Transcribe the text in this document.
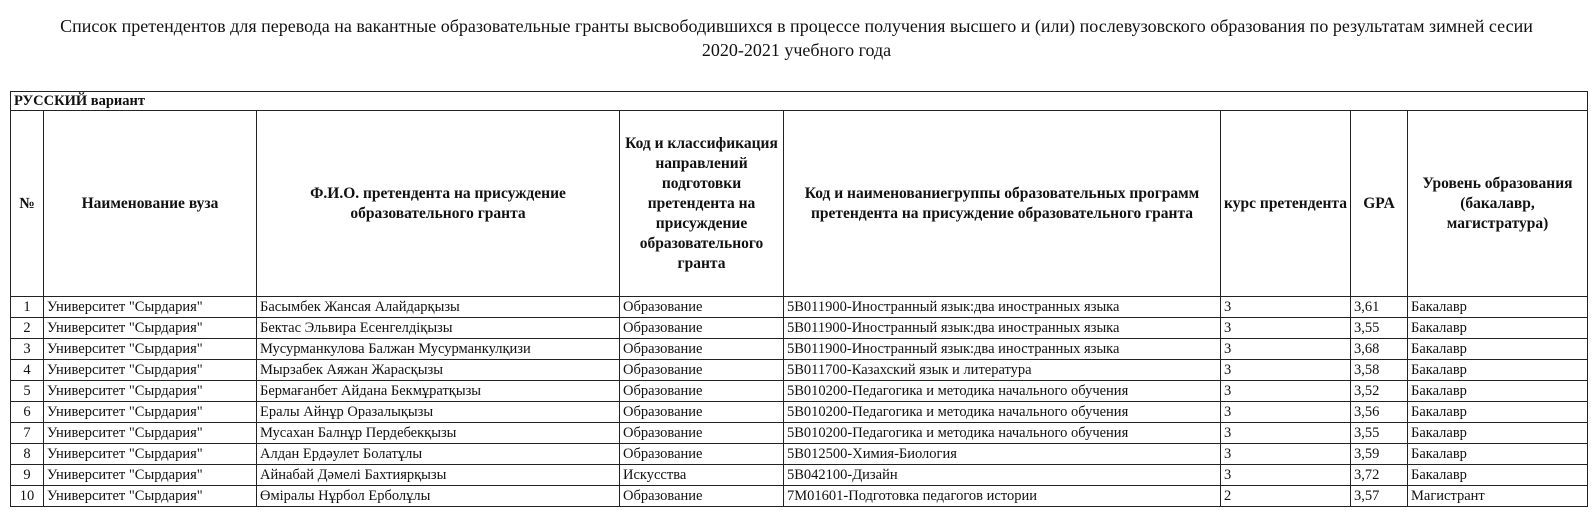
Список претендентов для перевода на вакантные образовательные гранты высвободившихся в процессе получения высшего и (или) послевузовского образования по результатам зимней сесии 2020-2021 учебного года
РУССКИЙ вариант							
№	Наименование вуза	Ф.И.О. претендента на присуждение образовательного гранта	Код и классификация направлений подготовки претендента на присуждение образовательного гранта	Код и наименованиегруппы образовательных программ претендента на присуждение образовательного гранта	курс претендента	GPA	Уровень образования (бакалавр, магистратура)
1	Университет "Сырдария"	Басымбек Жансая Алайдарқызы	Образование	5В011900-Иностранный язык:два иностранных языка	3	3,61	Бакалавр
2	Университет "Сырдария"	Бектас Эльвира Есенгелдіқызы	Образование	5В011900-Иностранный язык:два иностранных языка	3	3,55	Бакалавр
3	Университет "Сырдария"	Мусурманкулова Балжан Мусурманкулқизи	Образование	5В011900-Иностранный язык:два иностранных языка	3	3,68	Бакалавр
4	Университет "Сырдария"	Мырзабек Аяжан Жарасқызы	Образование	5В011700-Казахский язык и литература	3	3,58	Бакалавр
5	Университет "Сырдария"	Бермағанбет Айдана Бекмұратқызы	Образование	5В010200-Педагогика и методика начального обучения	3	3,52	Бакалавр
6	Университет "Сырдария"	Ералы Айнұр Оразалықызы	Образование	5В010200-Педагогика и методика начального обучения	3	3,56	Бакалавр
7	Университет "Сырдария"	Мусахан Балнұр Пердебекқызы	Образование	5В010200-Педагогика и методика начального обучения	3	3,55	Бакалавр
8	Университет "Сырдария"	Алдан Ердәулет Болатұлы	Образование	5В012500-Химия-Биология	3	3,59	Бакалавр
9	Университет "Сырдария"	Айнабай Дәмелі Бахтиярқызы	Искусства	5В042100-Дизайн	3	3,72	Бакалавр
10	Университет "Сырдария"	Өміралы Нұрбол Ерболұлы	Образование	7М01601-Подготовка педагогов истории	2	3,57	Магистрант
